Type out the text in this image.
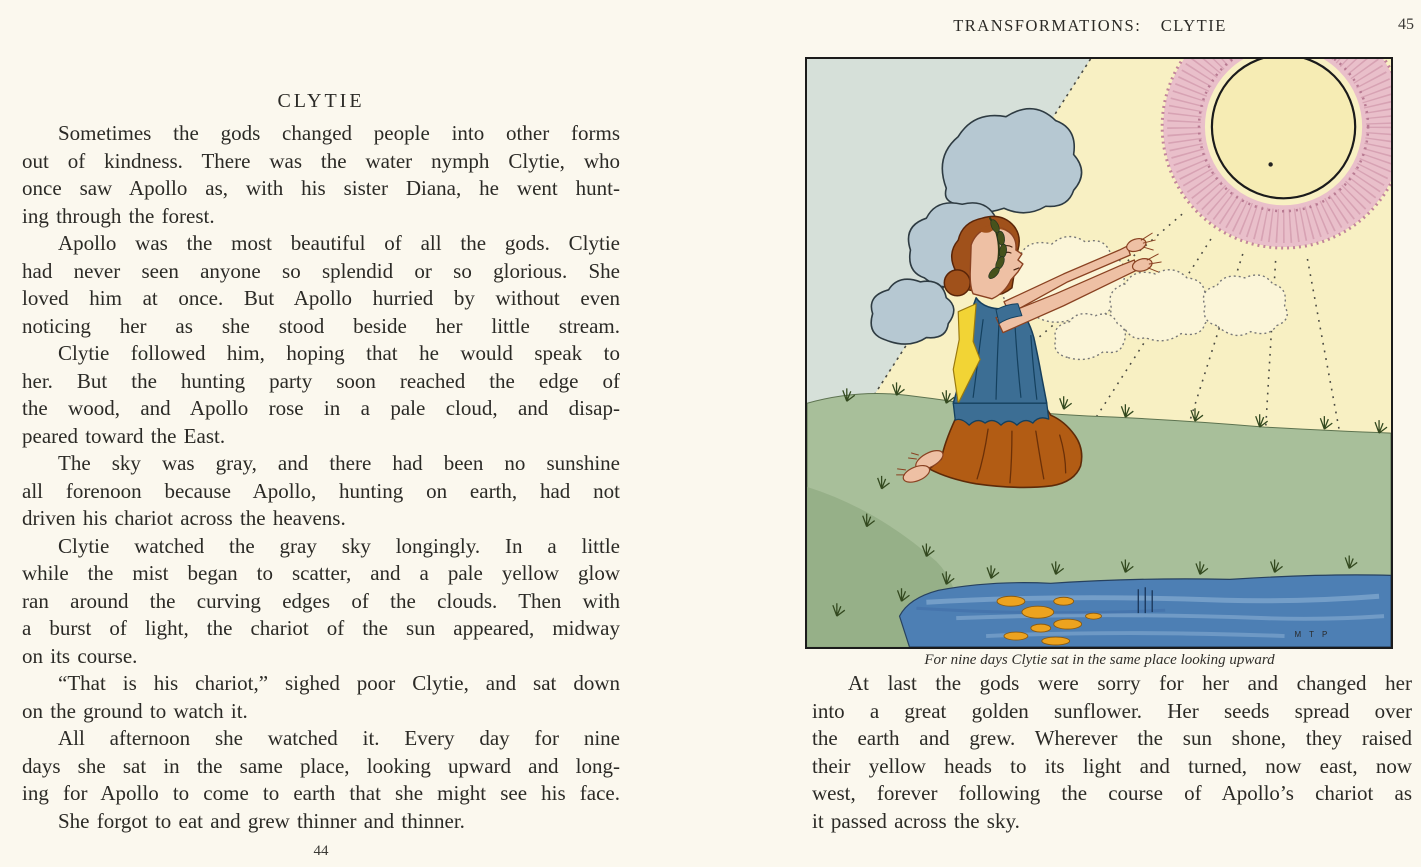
CLYTIE
Sometimes the gods changed people into other forms
out of kindness. There was the water nymph Clytie, who
once saw Apollo as, with his sister Diana, he went hunt-
ing through the forest.
Apollo was the most beautiful of all the gods. Clytie
had never seen anyone so splendid or so glorious. She
loved him at once. But Apollo hurried by without even
noticing her as she stood beside her little stream.
Clytie followed him, hoping that he would speak to
her. But the hunting party soon reached the edge of
the wood, and Apollo rose in a pale cloud, and disap-
peared toward the East.
The sky was gray, and there had been no sunshine
all forenoon because Apollo, hunting on earth, had not
driven his chariot across the heavens.
Clytie watched the gray sky longingly. In a little
while the mist began to scatter, and a pale yellow glow
ran around the curving edges of the clouds. Then with
a burst of light, the chariot of the sun appeared, midway
on its course.
“That is his chariot,” sighed poor Clytie, and sat down
on the ground to watch it.
All afternoon she watched it. Every day for nine
days she sat in the same place, looking upward and long-
ing for Apollo to come to earth that she might see his face.
She forgot to eat and grew thinner and thinner.
44
TRANSFORMATIONS:  CLYTIE	45
M T P
For nine days Clytie sat in the same place looking upward
At last the gods were sorry for her and changed her
into a great golden sunflower. Her seeds spread over
the earth and grew. Wherever the sun shone, they raised
their yellow heads to its light and turned, now east, now
west, forever following the course of Apollo’s chariot as
it passed across the sky.
